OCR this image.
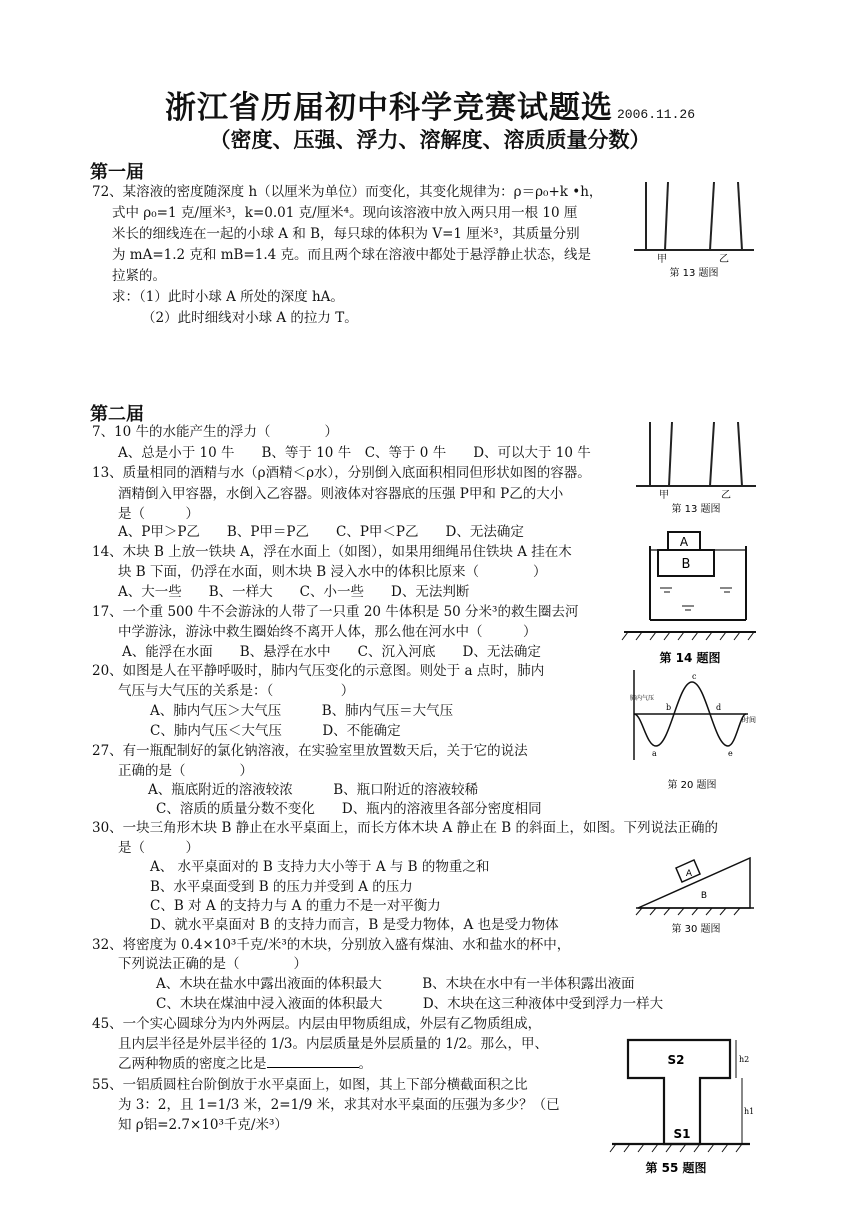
浙江省历届初中科学竞赛试题选 2006.11.26
（密度、压强、浮力、溶解度、溶质质量分数）
第一届
72、某溶液的密度随深度 h（以厘米为单位）而变化，其变化规律为：ρ＝ρ₀+k •h，
式中 ρ₀=1 克/厘米³，k=0.01 克/厘米⁴。现向该溶液中放入两只用一根 10 厘
米长的细线连在一起的小球 A 和 B，每只球的体积为 V=1 厘米³，其质量分别
为 mA=1.2 克和 mB=1.4 克。而且两个球在溶液中都处于悬浮静止状态，线是
拉紧的。
求：（1）此时小球 A 所处的深度 hA。
（2）此时细线对小球 A 的拉力 T。
第二届
7、10 牛的水能产生的浮力（　　　　）
A、总是小于 10 牛　　B、等于 10 牛　C、等于 0 牛　　D、可以大于 10 牛
13、质量相同的酒精与水（ρ酒精＜ρ水），分别倒入底面积相同但形状如图的容器。
酒精倒入甲容器，水倒入乙容器。则液体对容器底的压强 P甲和 P乙的大小
是（　　　）
A、P甲＞P乙　　B、P甲＝P乙　　C、P甲＜P乙　　D、无法确定
14、木块 B 上放一铁块 A，浮在水面上（如图），如果用细绳吊住铁块 A 挂在木
块 B 下面，仍浮在水面，则木块 B 浸入水中的体积比原来（　　　　）
A、大一些　　B、一样大　　C、小一些　　D、无法判断
17、一个重 500 牛不会游泳的人带了一只重 20 牛体积是 50 分米³的救生圈去河
中学游泳，游泳中救生圈始终不离开人体，那么他在河水中（　　　）
A、能浮在水面　　B、悬浮在水中　　C、沉入河底　　D、无法确定
20、如图是人在平静呼吸时，肺内气压变化的示意图。则处于 a 点时，肺内
气压与大气压的关系是：（　　　　　）
A、肺内气压＞大气压　　　B、肺内气压＝大气压
C、肺内气压＜大气压　　　D、不能确定
27、有一瓶配制好的氯化钠溶液，在实验室里放置数天后，关于它的说法
正确的是（　　　　）
A、瓶底附近的溶液较浓　　　B、瓶口附近的溶液较稀
C、溶质的质量分数不变化　　D、瓶内的溶液里各部分密度相同
30、一块三角形木块 B 静止在水平桌面上，而长方体木块 A 静止在 B 的斜面上，如图。下列说法正确的
是（　　　）
A、 水平桌面对的 B 支持力大小等于 A 与 B 的物重之和
B、水平桌面受到 B 的压力并受到 A 的压力
C、B 对 A 的支持力与 A 的重力不是一对平衡力
D、就水平桌面对 B 的支持力而言，B 是受力物体，A 也是受力物体
32、将密度为 0.4×10³千克/米³的木块，分别放入盛有煤油、水和盐水的杯中，
下列说法正确的是（　　　　）
A、木块在盐水中露出液面的体积最大　　　B、木块在水中有一半体积露出液面
C、木块在煤油中浸入液面的体积最大　　　D、木块在这三种液体中受到浮力一样大
45、一个实心圆球分为内外两层。内层由甲物质组成，外层有乙物质组成，
且内层半径是外层半径的 1/3。内层质量是外层质量的 1/2。那么，甲、
乙两种物质的密度之比是	。
55、一铝质圆柱台阶倒放于水平桌面上，如图，其上下部分横截面积之比
为 3：2，且 1=1/3 米，2=1/9 米，求其对水平桌面的压强为多少？（已
知 ρ铝=2.7×10³千克/米³）
甲	乙
第 13 题图
甲	乙
第 13 题图
A
B
第 14 题图
肺内气压
a
b
c
d
e
时间
第 20 题图
A
B
第 30 题图
S2
S1
h2
h1
第 55 题图
